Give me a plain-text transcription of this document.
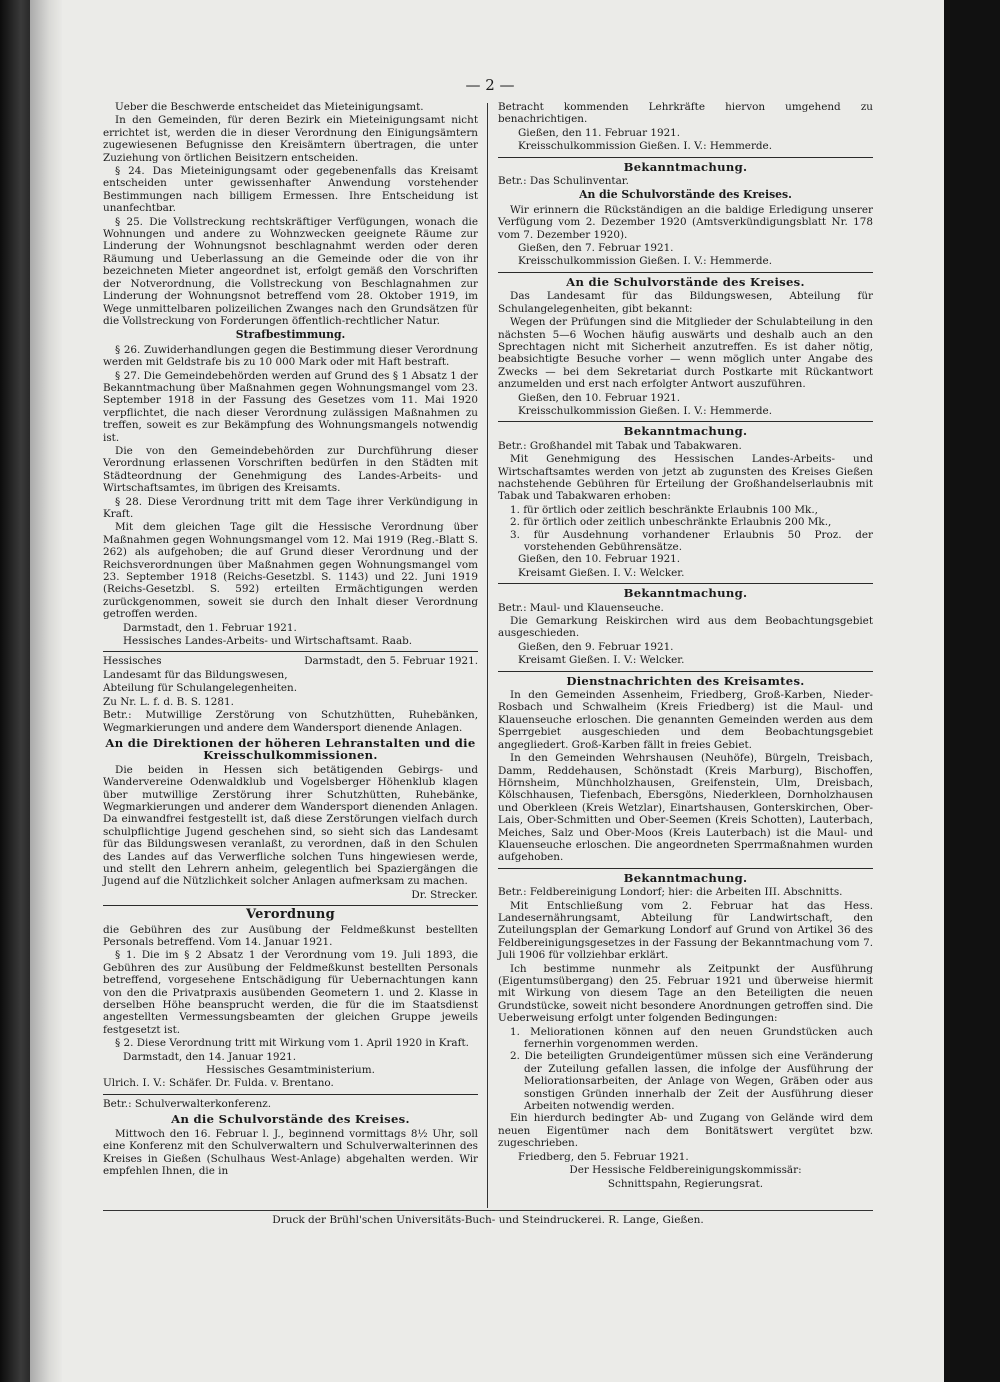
— 2 —

Ueber die Beschwerde entscheidet das Mieteinigungsamt.

In den Gemeinden, für deren Bezirk ein Mieteinigungsamt nicht errichtet ist, werden die in dieser Verordnung den Einigungsämtern zugewiesenen Befugnisse den Kreisämtern übertragen, die unter Zuziehung von örtlichen Beisitzern entscheiden.

§ 24. Das Mieteinigungsamt oder gegebenenfalls das Kreisamt entscheiden unter gewissenhafter Anwendung vorstehender Bestimmungen nach billigem Ermessen. Ihre Entscheidung ist unanfechtbar.

§ 25. Die Vollstreckung rechtskräftiger Verfügungen, wonach die Wohnungen und andere zu Wohnzwecken geeignete Räume zur Linderung der Wohnungsnot beschlagnahmt werden oder deren Räumung und Ueberlassung an die Gemeinde oder die von ihr bezeichneten Mieter angeordnet ist, erfolgt gemäß den Vorschriften der Notverordnung, die Vollstreckung von Beschlagnahmen zur Linderung der Wohnungsnot betreffend vom 28. Oktober 1919, im Wege unmittelbaren polizeilichen Zwanges nach den Grundsätzen für die Vollstreckung von Forderungen öffentlich-rechtlicher Natur.

Strafbestimmung.

§ 26. Zuwiderhandlungen gegen die Bestimmung dieser Verordnung werden mit Geldstrafe bis zu 10 000 Mark oder mit Haft bestraft.

§ 27. Die Gemeindebehörden werden auf Grund des § 1 Absatz 1 der Bekanntmachung über Maßnahmen gegen Wohnungsmangel vom 23. September 1918 in der Fassung des Gesetzes vom 11. Mai 1920 verpflichtet, die nach dieser Verordnung zulässigen Maßnahmen zu treffen, soweit es zur Bekämpfung des Wohnungsmangels notwendig ist.

Die von den Gemeindebehörden zur Durchführung dieser Verordnung erlassenen Vorschriften bedürfen in den Städten mit Städteordnung der Genehmigung des Landes-Arbeits- und Wirtschaftsamtes, im übrigen des Kreisamts.

§ 28. Diese Verordnung tritt mit dem Tage ihrer Verkündigung in Kraft.

Mit dem gleichen Tage gilt die Hessische Verordnung über Maßnahmen gegen Wohnungsmangel vom 12. Mai 1919 (Reg.-Blatt S. 262) als aufgehoben; die auf Grund dieser Verordnung und der Reichsverordnungen über Maßnahmen gegen Wohnungsmangel vom 23. September 1918 (Reichs-Gesetzbl. S. 1143) und 22. Juni 1919 (Reichs-Gesetzbl. S. 592) erteilten Ermächtigungen werden zurückgenommen, soweit sie durch den Inhalt dieser Verordnung getroffen werden.

Darmstadt, den 1. Februar 1921.

Hessisches Landes-Arbeits- und Wirtschaftsamt. Raab.

Hessisches	Darmstadt, den 5. Februar 1921.

Landesamt für das Bildungswesen,

Abteilung für Schulangelegenheiten.

Zu Nr. L. f. d. B. S. 1281.

Betr.: Mutwillige Zerstörung von Schutzhütten, Ruhebänken, Wegmarkierungen und andere dem Wandersport dienende Anlagen.

An die Direktionen der höheren Lehranstalten und die Kreisschulkommissionen.

Die beiden in Hessen sich betätigenden Gebirgs- und Wandervereine Odenwaldklub und Vogelsberger Höhenklub klagen über mutwillige Zerstörung ihrer Schutzhütten, Ruhebänke, Wegmarkierungen und anderer dem Wandersport dienenden Anlagen. Da einwandfrei festgestellt ist, daß diese Zerstörungen vielfach durch schulpflichtige Jugend geschehen sind, so sieht sich das Landesamt für das Bildungswesen veranlaßt, zu verordnen, daß in den Schulen des Landes auf das Verwerfliche solchen Tuns hingewiesen werde, und stellt den Lehrern anheim, gelegentlich bei Spaziergängen die Jugend auf die Nützlichkeit solcher Anlagen aufmerksam zu machen.

Dr. Strecker.

Verordnung

die Gebühren des zur Ausübung der Feldmeßkunst bestellten Personals betreffend. Vom 14. Januar 1921.

§ 1. Die im § 2 Absatz 1 der Verordnung vom 19. Juli 1893, die Gebühren des zur Ausübung der Feldmeßkunst bestellten Personals betreffend, vorgesehene Entschädigung für Uebernachtungen kann von den die Privatpraxis ausübenden Geometern 1. und 2. Klasse in derselben Höhe beansprucht werden, die für die im Staatsdienst angestellten Vermessungsbeamten der gleichen Gruppe jeweils festgesetzt ist.

§ 2. Diese Verordnung tritt mit Wirkung vom 1. April 1920 in Kraft.

Darmstadt, den 14. Januar 1921.

Hessisches Gesamtministerium.

Ulrich. I. V.: Schäfer. Dr. Fulda. v. Brentano.

Betr.: Schulverwalterkonferenz.

An die Schulvorstände des Kreises.

Mittwoch den 16. Februar l. J., beginnend vormittags 8½ Uhr, soll eine Konferenz mit den Schulverwaltern und Schulverwalterinnen des Kreises in Gießen (Schulhaus West-Anlage) abgehalten werden. Wir empfehlen Ihnen, die in

Betracht kommenden Lehrkräfte hiervon umgehend zu benachrichtigen.

Gießen, den 11. Februar 1921.

Kreisschulkommission Gießen. I. V.: Hemmerde.

Bekanntmachung.

Betr.: Das Schulinventar.

An die Schulvorstände des Kreises.

Wir erinnern die Rückständigen an die baldige Erledigung unserer Verfügung vom 2. Dezember 1920 (Amtsverkündigungsblatt Nr. 178 vom 7. Dezember 1920).

Gießen, den 7. Februar 1921.

Kreisschulkommission Gießen. I. V.: Hemmerde.

An die Schulvorstände des Kreises.

Das Landesamt für das Bildungswesen, Abteilung für Schulangelegenheiten, gibt bekannt:

Wegen der Prüfungen sind die Mitglieder der Schulabteilung in den nächsten 5—6 Wochen häufig auswärts und deshalb auch an den Sprechtagen nicht mit Sicherheit anzutreffen. Es ist daher nötig, beabsichtigte Besuche vorher — wenn möglich unter Angabe des Zwecks — bei dem Sekretariat durch Postkarte mit Rückantwort anzumelden und erst nach erfolgter Antwort auszuführen.

Gießen, den 10. Februar 1921.

Kreisschulkommission Gießen. I. V.: Hemmerde.

Bekanntmachung.

Betr.: Großhandel mit Tabak und Tabakwaren.

Mit Genehmigung des Hessischen Landes-Arbeits- und Wirtschaftsamtes werden von jetzt ab zugunsten des Kreises Gießen nachstehende Gebühren für Erteilung der Großhandelserlaubnis mit Tabak und Tabakwaren erhoben:

1. für örtlich oder zeitlich beschränkte Erlaubnis 100 Mk.,

2. für örtlich oder zeitlich unbeschränkte Erlaubnis 200 Mk.,

3. für Ausdehnung vorhandener Erlaubnis 50 Proz. der vorstehenden Gebührensätze.

Gießen, den 10. Februar 1921.

Kreisamt Gießen. I. V.: Welcker.

Bekanntmachung.

Betr.: Maul- und Klauenseuche.

Die Gemarkung Reiskirchen wird aus dem Beobachtungsgebiet ausgeschieden.

Gießen, den 9. Februar 1921.

Kreisamt Gießen. I. V.: Welcker.

Dienstnachrichten des Kreisamtes.

In den Gemeinden Assenheim, Friedberg, Groß-Karben, Nieder-Rosbach und Schwalheim (Kreis Friedberg) ist die Maul- und Klauenseuche erloschen. Die genannten Gemeinden werden aus dem Sperrgebiet ausgeschieden und dem Beobachtungsgebiet angegliedert. Groß-Karben fällt in freies Gebiet.

In den Gemeinden Wehrshausen (Neuhöfe), Bürgeln, Treisbach, Damm, Reddehausen, Schönstadt (Kreis Marburg), Bischoffen, Hörnsheim, Münchholzhausen, Greifenstein, Ulm, Dreisbach, Kölschhausen, Tiefenbach, Ebersgöns, Niederkleen, Dornholzhausen und Oberkleen (Kreis Wetzlar), Einartshausen, Gonterskirchen, Ober-Lais, Ober-Schmitten und Ober-Seemen (Kreis Schotten), Lauterbach, Meiches, Salz und Ober-Moos (Kreis Lauterbach) ist die Maul- und Klauenseuche erloschen. Die angeordneten Sperrmaßnahmen wurden aufgehoben.

Bekanntmachung.

Betr.: Feldbereinigung Londorf; hier: die Arbeiten III. Abschnitts.

Mit Entschließung vom 2. Februar hat das Hess. Landesernährungsamt, Abteilung für Landwirtschaft, den Zuteilungsplan der Gemarkung Londorf auf Grund von Artikel 36 des Feldbereinigungsgesetzes in der Fassung der Bekanntmachung vom 7. Juli 1906 für vollziehbar erklärt.

Ich bestimme nunmehr als Zeitpunkt der Ausführung (Eigentumsübergang) den 25. Februar 1921 und überweise hiermit mit Wirkung von diesem Tage an den Beteiligten die neuen Grundstücke, soweit nicht besondere Anordnungen getroffen sind. Die Ueberweisung erfolgt unter folgenden Bedingungen:

1. Meliorationen können auf den neuen Grundstücken auch fernerhin vorgenommen werden.

2. Die beteiligten Grundeigentümer müssen sich eine Veränderung der Zuteilung gefallen lassen, die infolge der Ausführung der Meliorationsarbeiten, der Anlage von Wegen, Gräben oder aus sonstigen Gründen innerhalb der Zeit der Ausführung dieser Arbeiten notwendig werden.

Ein hierdurch bedingter Ab- und Zugang von Gelände wird dem neuen Eigentümer nach dem Bonitätswert vergütet bzw. zugeschrieben.

Friedberg, den 5. Februar 1921.

Der Hessische Feldbereinigungskommissär:

Schnittspahn, Regierungsrat.

Druck der Brühl'schen Universitäts-Buch- und Steindruckerei. R. Lange, Gießen.
